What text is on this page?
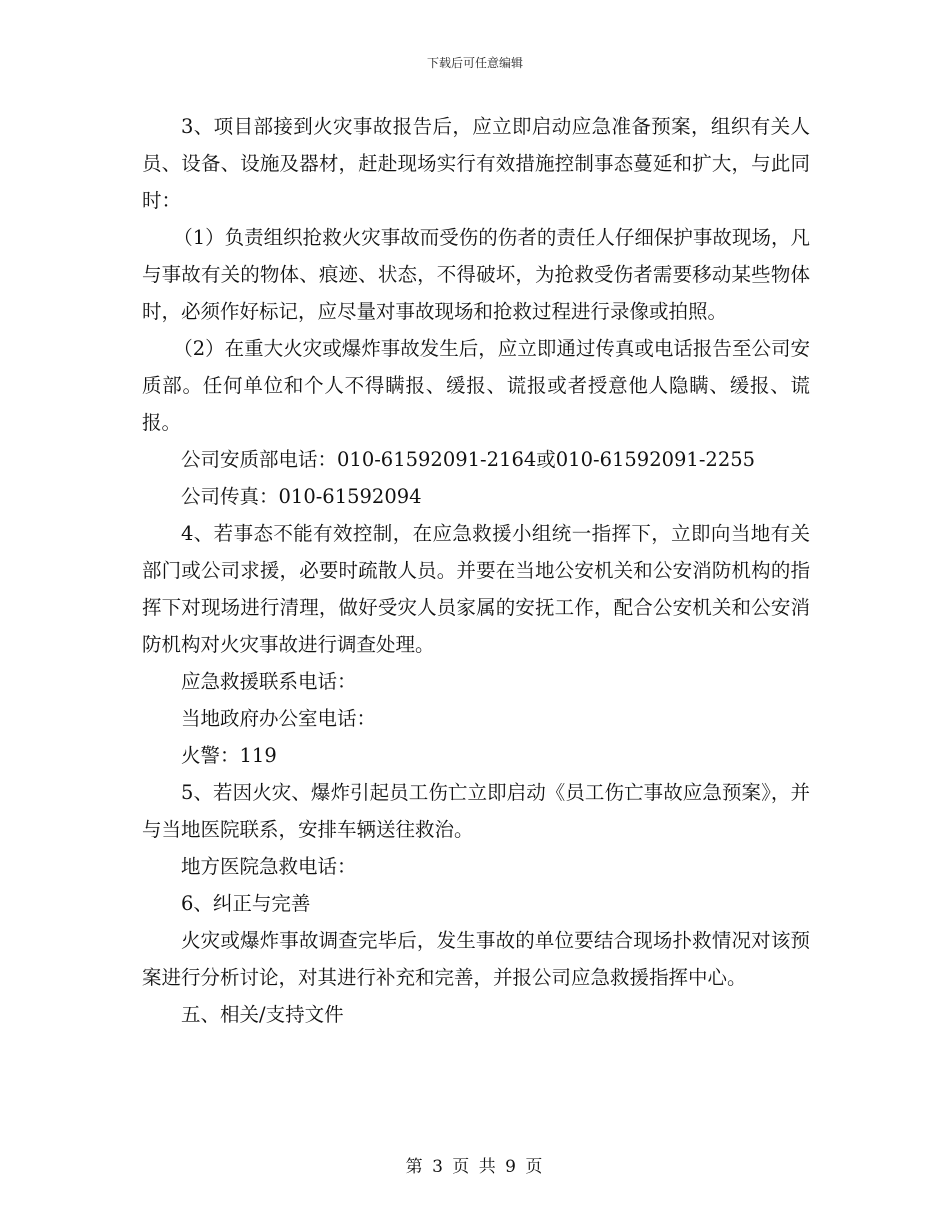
下载后可任意编辑

3、项目部接到火灾事故报告后，应立即启动应急准备预案，组织有关人员、设备、设施及器材，赶赴现场实行有效措施控制事态蔓延和扩大，与此同时：

（1）负责组织抢救火灾事故而受伤的伤者的责任人仔细保护事故现场，凡与事故有关的物体、痕迹、状态，不得破坏，为抢救受伤者需要移动某些物体时，必须作好标记，应尽量对事故现场和抢救过程进行录像或拍照。

（2）在重大火灾或爆炸事故发生后，应立即通过传真或电话报告至公司安质部。任何单位和个人不得瞒报、缓报、谎报或者授意他人隐瞒、缓报、谎报。

公司安质部电话：010-61592091-2164或010-61592091-2255

公司传真：010-61592094

4、若事态不能有效控制，在应急救援小组统一指挥下，立即向当地有关部门或公司求援，必要时疏散人员。并要在当地公安机关和公安消防机构的指挥下对现场进行清理，做好受灾人员家属的安抚工作，配合公安机关和公安消防机构对火灾事故进行调查处理。

应急救援联系电话：

当地政府办公室电话：

火警：119

5、若因火灾、爆炸引起员工伤亡立即启动《员工伤亡事故应急预案》，并与当地医院联系，安排车辆送往救治。

地方医院急救电话：

6、纠正与完善

火灾或爆炸事故调查完毕后，发生事故的单位要结合现场扑救情况对该预案进行分析讨论，对其进行补充和完善，并报公司应急救援指挥中心。

五、相关/支持文件

第 3 页 共 9 页
